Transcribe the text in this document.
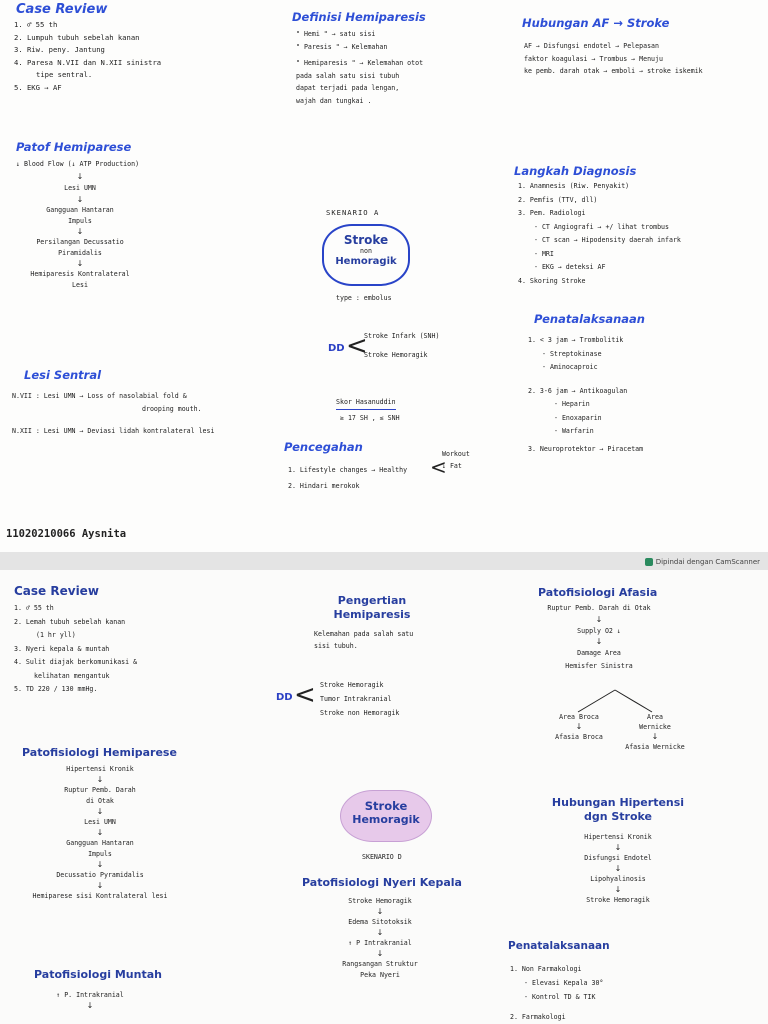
Case Review
1. ♂ 55 th
2. Lumpuh tubuh sebelah kanan
3. Riw. peny. Jantung
4. Paresa N.VII dan N.XII sinistra
tipe sentral.
5. EKG → AF
Definisi Hemiparesis
" Hemi " → satu sisi
" Paresis " → Kelemahan
" Hemiparesis " → Kelemahan otot
pada salah satu sisi tubuh
dapat terjadi pada lengan,
wajah dan tungkai .
Hubungan AF → Stroke
AF → Disfungsi endotel → Pelepasan
faktor koagulasi → Trombus → Menuju
ke pemb. darah otak → emboli → stroke iskemik
Patof Hemiparese
↓ Blood Flow (↓ ATP Production)
↓
Lesi UMN
↓
Gangguan Hantaran Impuls
↓
Persilangan Decussatio Piramidalis
↓
Hemiparesis Kontralateral Lesi
SKENARIO A
Stroke
non
Hemoragik
type : embolus
DD <
Stroke Infark (SNH)
Stroke Hemoragik
Skor Hasanuddin
≥ 17 SH , ≤ SNH
Langkah Diagnosis
1. Anamnesis (Riw. Penyakit)
2. Pemfis (TTV, dll)
3. Pem. Radiologi
- CT Angiografi → +/ lihat trombus
- CT scan → Hipodensity daerah infark
- MRI
- EKG → deteksi AF
4. Skoring Stroke
Penatalaksanaan
1. < 3 jam → Trombolitik
- Streptokinase
- Aminocaproic
2. 3-6 jam → Antikoagulan
- Heparin
- Enoxaparin
- Warfarin
3. Neuroprotektor → Piracetam
Lesi Sentral
N.VII : Lesi UMN → Loss of nasolabial fold &
drooping mouth.
N.XII : Lesi UMN → Deviasi lidah kontralateral lesi
Pencegahan
1. Lifestyle changes → Healthy
2. Hindari merokok
<
Workout
↓ Fat
11020210066 Aysnita
Dipindai dengan CamScanner
Case Review
1. ♂ 55 th
2. Lemah tubuh sebelah kanan
(1 hr yll)
3. Nyeri kepala & muntah
4. Sulit diajak berkomunikasi &
kelihatan mengantuk
5. TD 220 / 130 mmHg.
Pengertian
Hemiparesis
Kelemahan pada salah satu
sisi tubuh.
DD < Stroke Hemoragik
Tumor Intrakranial
Stroke non Hemoragik
Patofisiologi Afasia
Ruptur Pemb. Darah di Otak
↓
Supply O2 ↓
↓
Damage Area
Hemisfer Sinistra
Area Broca
↓
Afasia Broca
Area Wernicke
↓
Afasia Wernicke
Patofisiologi Hemiparese
Hipertensi Kronik
↓
Ruptur Pemb. Darah di Otak
↓
Lesi UMN
↓
Gangguan Hantaran Impuls
↓
Decussatio Pyramidalis
↓
Hemiparese sisi Kontralateral lesi
Stroke
Hemoragik
SKENARIO D
Patofisiologi Nyeri Kepala
Stroke Hemoragik
↓
Edema Sitotoksik
↓
↑ P Intrakranial
↓
Rangsangan Struktur
Peka Nyeri
Hubungan Hipertensi
dgn Stroke
Hipertensi Kronik
↓
Disfungsi Endotel
↓
Lipohyalinosis
↓
Stroke Hemoragik
Penatalaksanaan
1. Non Farmakologi
- Elevasi Kepala 30°
- Kontrol TD & TIK
2. Farmakologi
Patofisiologi Muntah
↑ P. Intrakranial
↓
